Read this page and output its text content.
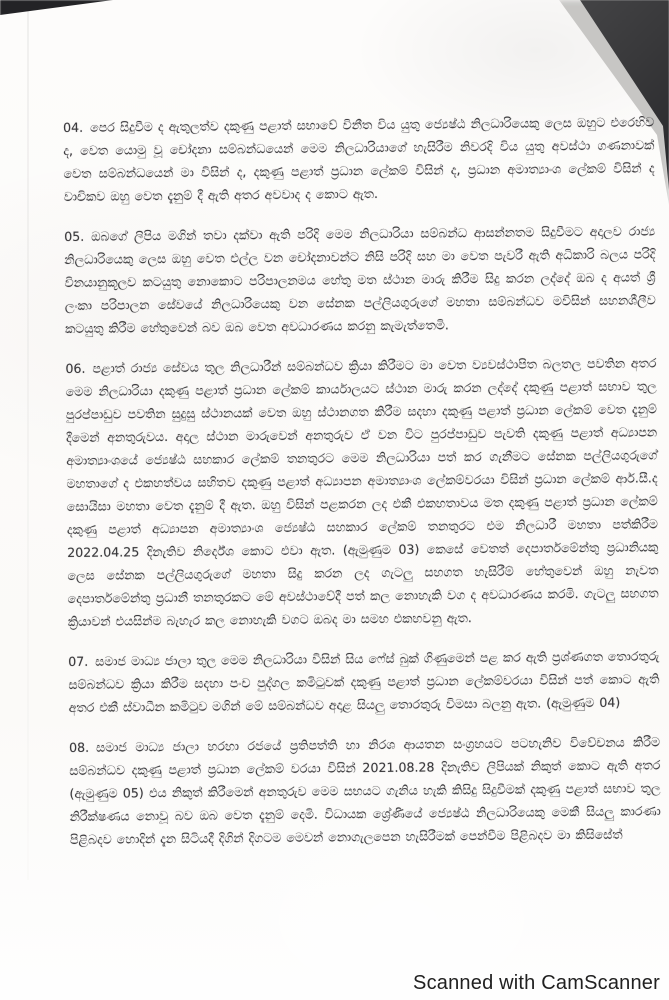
04. පෙර සිදුවීම ද ඇතුලත්ව දකුණු පළාත් සභාවේ විනීත විය යුතු ජ්‍යෙෂ්ඨ නිලධාරියෙකු ලෙස ඔහුට එරෙහිව ද, වෙත යොමු වූ චෝදනා සම්බන්ධයෙන් මෙම නිලධාරියාගේ හැසිරීම නිවරදි විය යුතු අවස්ථා ගණනාවක් වෙත සම්බන්ධයෙන් මා විසින් ද, දකුණු පළාත් ප්‍රධාන ලේකම් විසින් ද, ප්‍රධාන අමාත්‍යාංශ ලේකම් විසින් ද වාචිකව ඔහු වෙත දැනුම් දී ඇති අතර අවවාද ද කොට ඇත.

05. ඔබගේ ලිපිය මගින් තවා දක්වා ඇති පරිදි මෙම නිලධාරියා සම්බන්ධ ආසන්නතම සිදුවීමට අදාලව රාජ්‍ය නිලධාරියෙකු ලෙස ඔහු වෙත එල්ල වන චෝදනාවන්ට නිසි පරිදි සහ මා වෙත පැවරී ඇති අධිකාරි බලය පරිදි විනයානුකූලව කටයුතු නොකොට පරිපාලනමය හේතු මත ස්ථාන මාරු කිරීම සිදු කරන ලද්දේ ඔබ ද අයත් ශ්‍රී ලංකා පරිපාලන සේවයේ නිලධාරියෙකු වන සේනක පල්ලියගුරුගේ මහතා සම්බන්ධව මවිසින් සහනශීලීව කටයුතු කිරීම හේතුවෙන් බව ඔබ වෙත අවධාරණය කරනු කැමැත්තෙමි.

06. පළාත් රාජ්‍ය සේවය තුල නිලධාරීන් සම්බන්ධව ක්‍රියා කිරීමට මා වෙත ව්‍යවස්ථාපිත බලතල පවතින අතර මෙම නිලධාරියා දකුණු පළාත් ප්‍රධාන ලේකම් කාර්යාලයට ස්ථාන මාරු කරන ලද්දේ දකුණු පළාත් සභාව තුල පුරප්පාඩුව පවතින සුදුසු ස්ථානයක් වෙත ඔහු ස්ථානගත කිරීම සදහා දකුණු පළාත් ප්‍රධාන ලේකම් වෙත දැනුම් දීමෙන් අනතුරුවය. අදාල ස්ථාන මාරුවෙන් අනතුරුව ඒ වන විට පුරප්පාඩුව පැවති දකුණු පළාත් අධ්‍යාපන අමාත්‍යාංශයේ ජ්‍යෙෂ්ඨ සහකාර ලේකම් තනතුරට මෙම නිලධාරියා පත් කර ගැනීමට සේනක පල්ලියගුරුගේ මහතාගේ ද එකහත්වය සහිතව දකුණු පළාත් අධ්‍යාපන අමාත්‍යාංශ ලේකම්වරයා විසින් ප්‍රධාන ලේකම් ආර්.සී.ද සොයිසා මහතා වෙත දැනුම් දී ඇත. ඔහු විසින් පළකරන ලද එකී එකහතාවය මත දකුණු පළාත් ප්‍රධාන ලේකම් දකුණු පළාත් අධ්‍යාපන අමාත්‍යාංශ ජ්‍යෙෂ්ඨ සහකාර ලේකම් තනතුරට එම නිලධාරී මහතා පත්කිරීම 2022.04.25 දිනැතිව නිර්දේශ කොට එවා ඇත. (ඇමුණුම 03) කෙසේ වෙතත් දෙපාර්තමේන්තු ප්‍රධානියකු ලෙස සේනක පල්ලියගුරුගේ මහතා සිදු කරන ලද ගැටලු සහගත හැසිරීම් හේතුවෙන් ඔහු නැවත දෙපාර්තමේන්තු ප්‍රධානී තනතුරකට මේ අවස්ථාවේදී පත් කල නොහැකි වග ද අවධාරණය කරමි. ගැටලු සහගත ක්‍රියාවන් එයසින්ම බැහැර කල නොහැකි වගට ඔබද මා සමහ එකහවනු ඇත.

07. සමාජ මාධ්‍ය ජාලා තුල මෙම නිලධාරියා විසින් සිය ෆේස් බුක් ගිණුමෙන් පළ කර ඇති ප්‍රශ්ණගත තොරතුරු සම්බන්ධව ක්‍රියා කිරීම සදහා පංච පුද්ගල කමිටුවක් දකුණු පළාත් ප්‍රධාන ලේකම්වරයා විසින් පත් කොට ඇති අතර එකී ස්වාධීන කමිටුව මගින් මේ සම්බන්ධව අදාළ සියලු තොරතුරු විමසා බලනු ඇත. (ඇමුණුම 04)

08. සමාජ මාධ්‍ය ජාලා හරහා රජයේ ප්‍රතිපත්ති හා නිරශ ආයතන සංග්‍රහයට පටහැනිව විවේචනය කිරීම සම්බන්ධව දකුණු පළාත් ප්‍රධාන ලේකම් වරයා විසින් 2021.08.28 දිනැතිව ලිපියක් නිකුත් කොට ඇති අතර (ඇමුණුම 05) එය නිකුත් කිරීමෙන් අනතුරුව මෙම සභයට ගැනිය හැකි කිසිදු සිදුවීමක් දකුණු පළාත් සභාව තුල නිරීක්ෂණය නොවූ බව ඔබ වෙත දැනුම් දෙමි. විධායක ශ්‍රේණියේ ජ්‍යෙෂ්ඨ නිලධාරියෙකු මෙකී සියලු කාරණා පිළිබදව හොදින් දැන සිටියදී දිගින් දිගටම මෙවන් නොගැලපෙන හැසිරීමක් පෙන්වීම පිළිබදව මා කිසිසේත්

Scanned with CamScanner
